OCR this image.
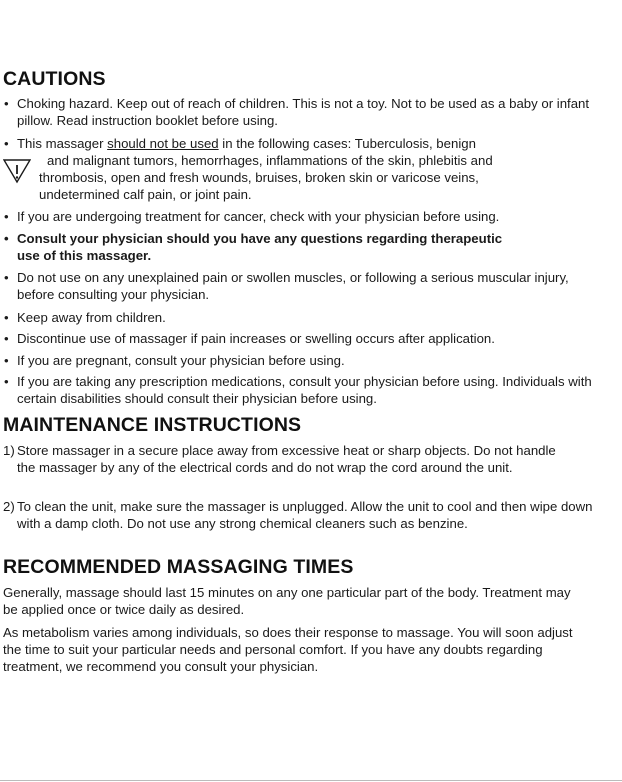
CAUTIONS
• Choking hazard. Keep out of reach of children. This is not a toy. Not to be used as a baby or infant pillow. Read instruction booklet before using.
• This massager should not be used in the following cases: Tuberculosis, benign
and malignant tumors, hemorrhages, inflammations of the skin, phlebitis and
thrombosis, open and fresh wounds, bruises, broken skin or varicose veins,
undetermined calf pain, or joint pain.
• If you are undergoing treatment for cancer, check with your physician before using.
• Consult your physician should you have any questions regarding therapeutic use of this massager.
• Do not use on any unexplained pain or swollen muscles, or following a serious muscular injury, before consulting your physician.
• Keep away from children.
• Discontinue use of massager if pain increases or swelling occurs after application.
• If you are pregnant, consult your physician before using.
• If you are taking any prescription medications, consult your physician before using. Individuals with certain disabilities should consult their physician before using.
MAINTENANCE INSTRUCTIONS
1) Store massager in a secure place away from excessive heat or sharp objects. Do not handle the massager by any of the electrical cords and do not wrap the cord around the unit.
2) To clean the unit, make sure the massager is unplugged. Allow the unit to cool and then wipe down with a damp cloth. Do not use any strong chemical cleaners such as benzine.
RECOMMENDED MASSAGING TIMES
Generally, massage should last 15 minutes on any one particular part of the body. Treatment may be applied once or twice daily as desired.
As metabolism varies among individuals, so does their response to massage. You will soon adjust the time to suit your particular needs and personal comfort. If you have any doubts regarding treatment, we recommend you consult your physician.
